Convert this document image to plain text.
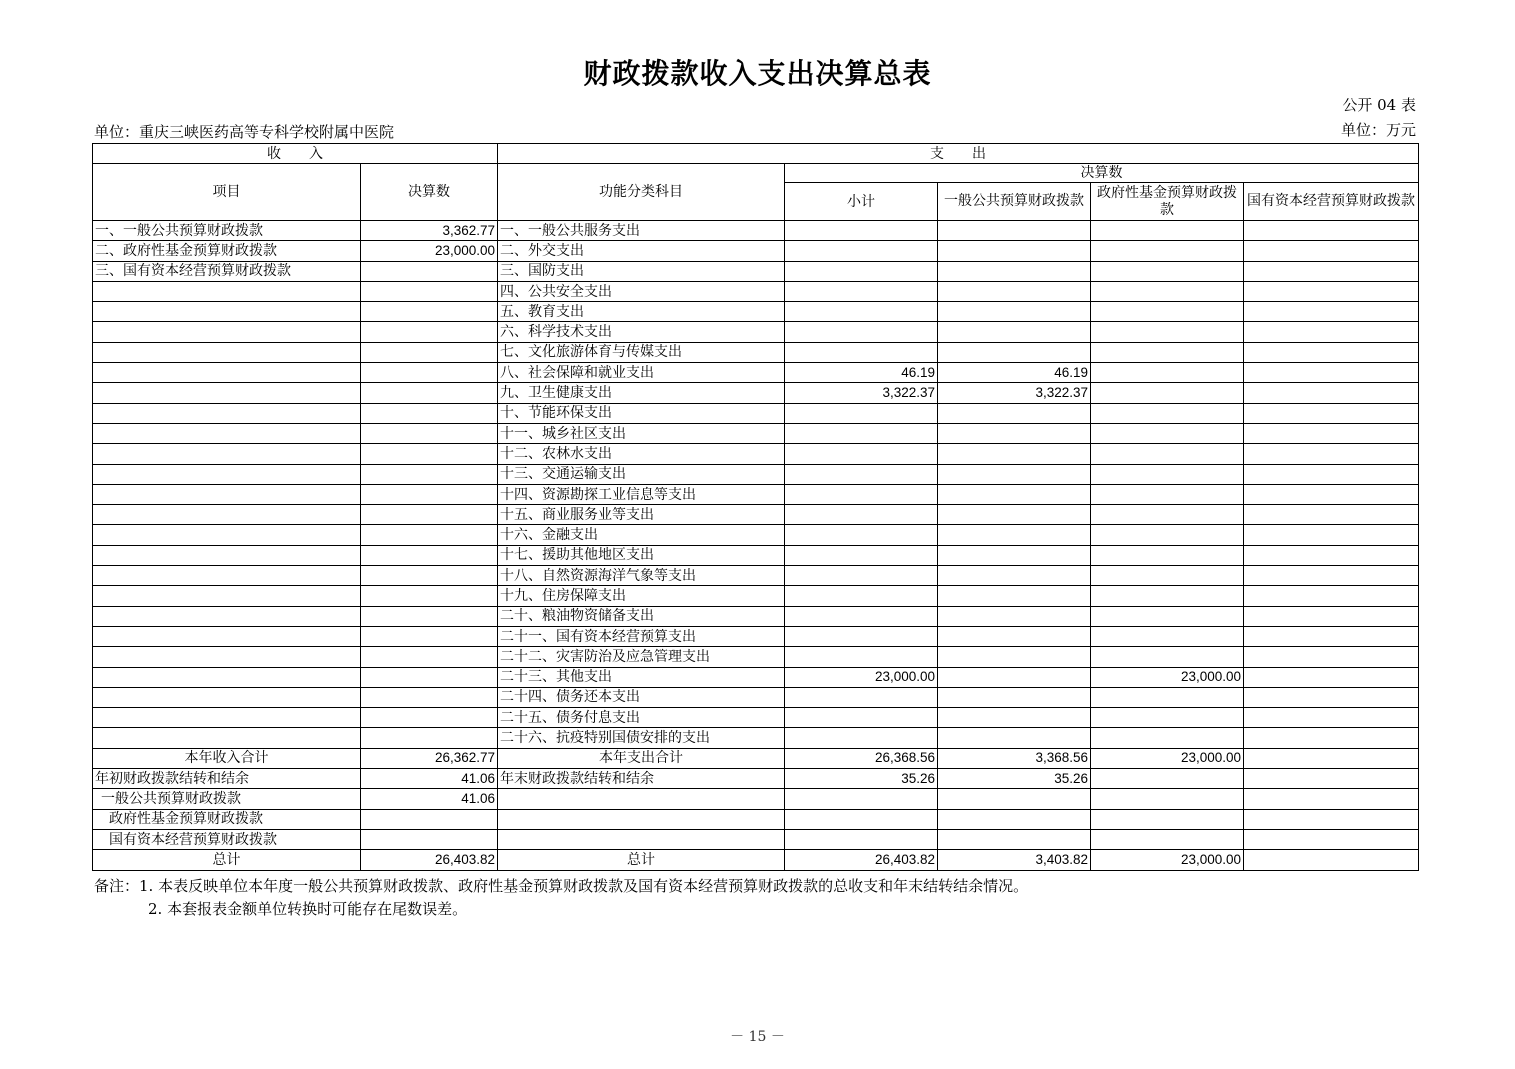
财政拨款收入支出决算总表
公开 04 表
单位：重庆三峡医药高等专科学校附属中医院	单位：万元
收　　入		支　　出				
项目	决算数	功能分类科目	决算数			
			小计	一般公共预算财政拨款	政府性基金预算财政拨款	国有资本经营预算财政拨款
一、一般公共预算财政拨款	3,362.77	一、一般公共服务支出				
二、政府性基金预算财政拨款	23,000.00	二、外交支出				
三、国有资本经营预算财政拨款		三、国防支出				
		四、公共安全支出				
		五、教育支出				
		六、科学技术支出				
		七、文化旅游体育与传媒支出				
		八、社会保障和就业支出	46.19	46.19		
		九、卫生健康支出	3,322.37	3,322.37		
		十、节能环保支出				
		十一、城乡社区支出				
		十二、农林水支出				
		十三、交通运输支出				
		十四、资源勘探工业信息等支出				
		十五、商业服务业等支出				
		十六、金融支出				
		十七、援助其他地区支出				
		十八、自然资源海洋气象等支出				
		十九、住房保障支出				
		二十、粮油物资储备支出				
		二十一、国有资本经营预算支出				
		二十二、灾害防治及应急管理支出				
		二十三、其他支出	23,000.00		23,000.00	
		二十四、债务还本支出				
		二十五、债务付息支出				
		二十六、抗疫特别国债安排的支出				
本年收入合计	26,362.77	本年支出合计	26,368.56	3,368.56	23,000.00	
年初财政拨款结转和结余	41.06	年末财政拨款结转和结余	35.26	35.26		
一般公共预算财政拨款	41.06					
政府性基金预算财政拨款						
国有资本经营预算财政拨款						
总计	26,403.82	总计	26,403.82	3,403.82	23,000.00	
备注：1. 本表反映单位本年度一般公共预算财政拨款、政府性基金预算财政拨款及国有资本经营预算财政拨款的总收支和年末结转结余情况。
2. 本套报表金额单位转换时可能存在尾数误差。
－ 15 －
